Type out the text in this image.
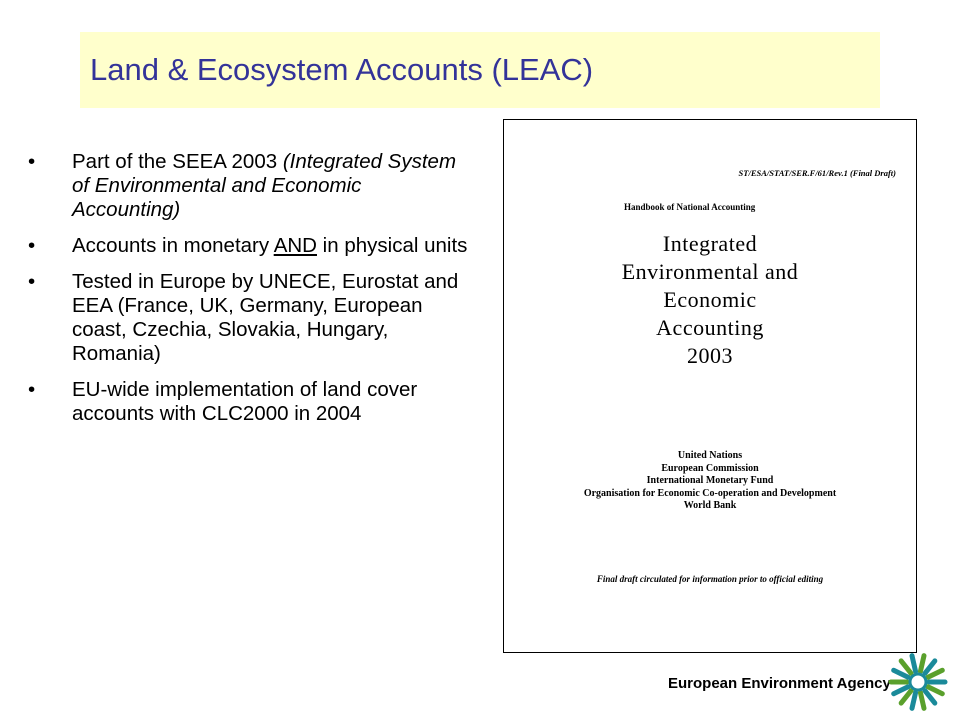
Land & Ecosystem Accounts (LEAC)
• Part of the SEEA 2003 (Integrated System of Environmental and Economic Accounting)
• Accounts in monetary AND in physical units
• Tested in Europe by UNECE, Eurostat and EEA (France, UK, Germany, European coast, Czechia, Slovakia, Hungary, Romania)
• EU-wide implementation of land cover accounts with CLC2000 in 2004
ST/ESA/STAT/SER.F/61/Rev.1 (Final Draft)
Handbook of National Accounting
Integrated
Environmental and
Economic
Accounting
2003
United Nations
European Commission
International Monetary Fund
Organisation for Economic Co-operation and Development
World Bank
Final draft circulated for information prior to official editing
European Environment Agency
